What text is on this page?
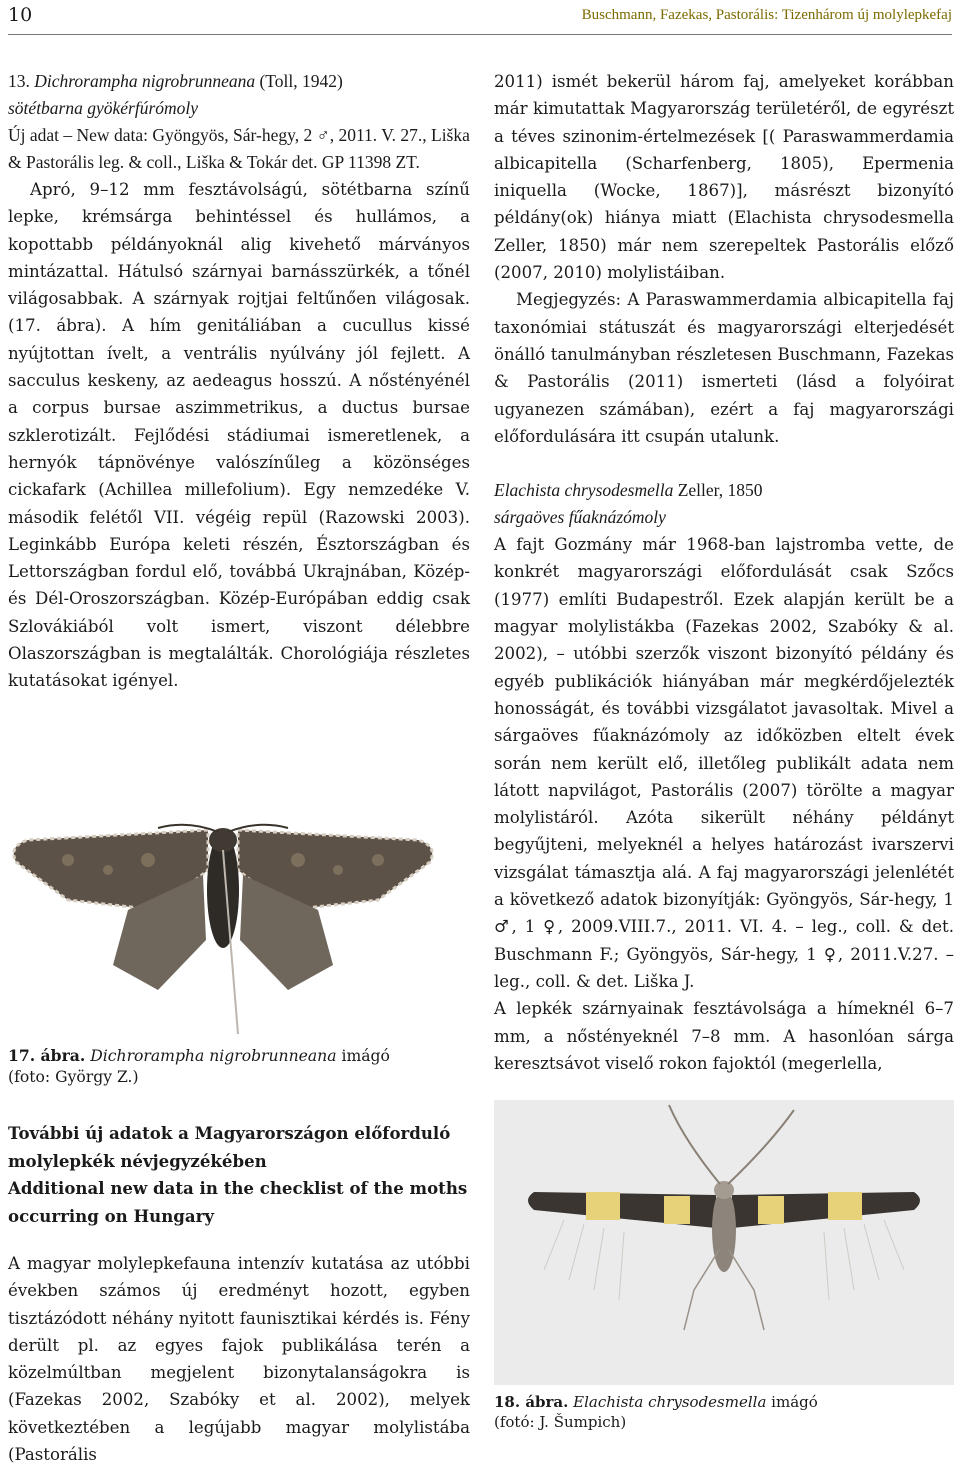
10	Buschmann, Fazekas, Pastorális: Tizenhárom új molylepkefaj
13. Dichrorampha nigrobrunneana (Toll, 1942)
sötétbarna gyökérfúrómoly
Új adat – New data: Gyöngyös, Sár-hegy, 2 ♂, 2011. V. 27., Liška & Pastorális leg. & coll., Liška & Tokár det. GP 11398 ZT.

Apró, 9–12 mm fesztávolságú, sötétbarna színű lepke, krémsárga behintéssel és hullámos, a kopottabb példányoknál alig kivehető márványos mintázattal. Hátulsó szárnyai barnásszürkék, a tőnél világosabbak. A szárnyak rojtjai feltűnően világosak. (17. ábra). A hím genitáliában a cucullus kissé nyújtottan ívelt, a ventrális nyúlvány jól fejlett. A sacculus keskeny, az aedeagus hosszú. A nőstényénél a corpus bursae aszimmetrikus, a ductus bursae szklerotizált. Fejlődési stádiumai ismeretlenek, a hernyók tápnövénye valószínűleg a közönséges cickafark (Achillea millefolium). Egy nemzedéke V. második felétől VII. végéig repül (Razowski 2003). Leginkább Európa keleti részén, Észtországban és Lettországban fordul elő, továbbá Ukrajnában, Közép- és Dél-Oroszországban. Közép-Európában eddig csak Szlovákiából volt ismert, viszont délebbre Olaszországban is megtalálták. Chorológiája részletes kutatásokat igényel.

17. ábra. Dichrorampha nigrobrunneana imágó
(foto: György Z.)
További új adatok a Magyarországon előforduló molylepkék névjegyzékében
Additional new data in the checklist of the moths occurring on Hungary

A magyar molylepkefauna intenzív kutatása az utóbbi években számos új eredményt hozott, egyben tisztázódott néhány nyitott faunisztikai kérdés is. Fény derült pl. az egyes fajok publikálása terén a közelmúltban megjelent bizonytalanságokra is (Fazekas 2002, Szabóky et al. 2002), melyek következtében a legújabb magyar molylistába (Pastorális

2011) ismét bekerül három faj, amelyeket korábban már kimutattak Magyarország területéről, de egyrészt a téves szinonim-értelmezések [( Paraswammerdamia albicapitella (Scharfenberg, 1805), Epermenia iniquella (Wocke, 1867)], másrészt bizonyító példány(ok) hiánya miatt (Elachista chrysodesmella Zeller, 1850) már nem szerepeltek Pastorális előző (2007, 2010) molylistáiban.

Megjegyzés: A Paraswammerdamia albicapitella faj taxonómiai státuszát és magyarországi elterjedését önálló tanulmányban részletesen Buschmann, Fazekas & Pastorális (2011) ismerteti (lásd a folyóirat ugyanezen számában), ezért a faj magyarországi előfordulására itt csupán utalunk.

Elachista chrysodesmella Zeller, 1850
sárgaöves fűaknázómoly

A fajt Gozmány már 1968-ban lajstromba vette, de konkrét magyarországi előfordulását csak Szőcs (1977) említi Budapestről. Ezek alapján került be a magyar molylistákba (Fazekas 2002, Szabóky & al. 2002), – utóbbi szerzők viszont bizonyító példány és egyéb publikációk hiányában már megkérdőjelezték honosságát, és további vizsgálatot javasoltak. Mivel a sárgaöves fűaknázómoly az időközben eltelt évek során nem került elő, illetőleg publikált adata nem látott napvilágot, Pastorális (2007) törölte a magyar molylistáról. Azóta sikerült néhány példányt begyűjteni, melyeknél a helyes határozást ivarszervi vizsgálat támasztja alá. A faj magyarországi jelenlétét a következő adatok bizonyítják: Gyöngyös, Sár-hegy, 1 ♂, 1 ♀, 2009.VIII.7., 2011. VI. 4. – leg., coll. & det. Buschmann F.; Gyöngyös, Sár-hegy, 1 ♀, 2011.V.27. – leg., coll. & det. Liška J.

A lepkék szárnyainak fesztávolsága a hímeknél 6–7 mm, a nőstényeknél 7–8 mm. A hasonlóan sárga keresztsávot viselő rokon fajoktól (megerlella,

18. ábra. Elachista chrysodesmella imágó
(fotó: J. Šumpich)
